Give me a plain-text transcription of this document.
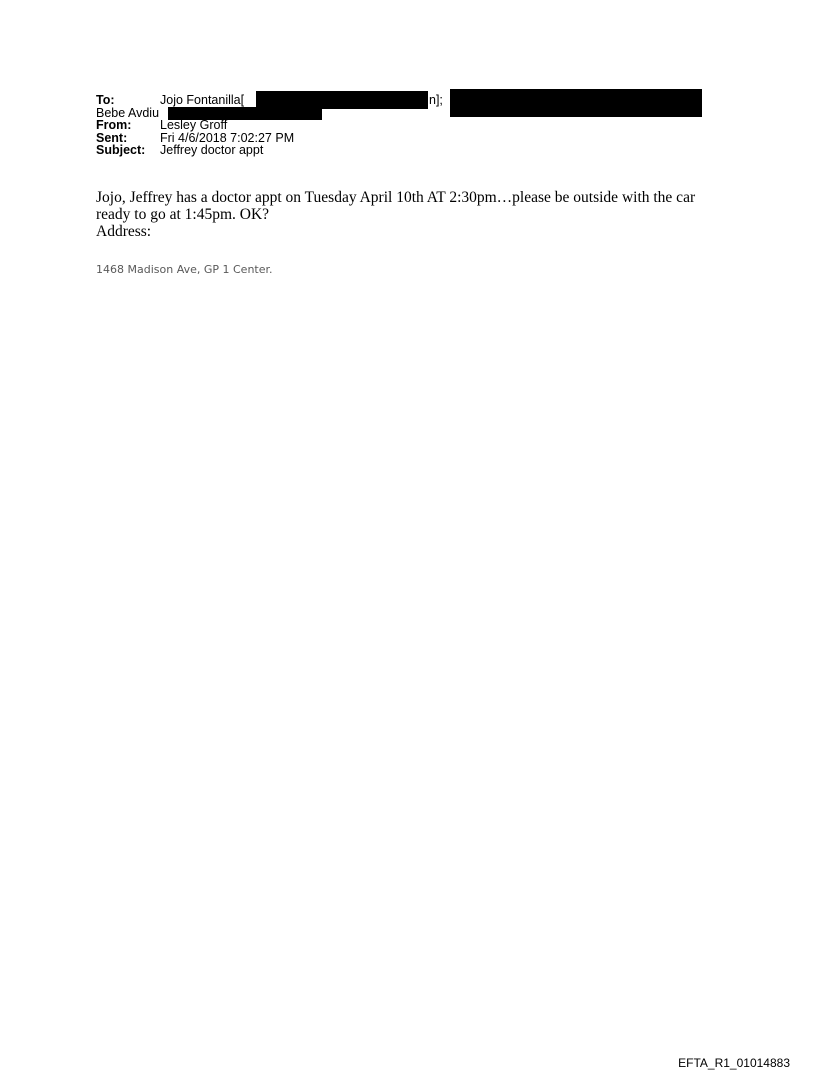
To:	Jojo Fontanilla[	n];
Bebe Avdiu
From: Lesley Groff
Sent:	Fri 4/6/2018 7:02:27 PM
Subject: Jeffrey doctor appt

Jojo, Jeffrey has a doctor appt on Tuesday April 10th AT 2:30pm…please be outside with the car

ready to go at 1:45pm. OK?

Address:

1468 Madison Ave, GP 1 Center.
EFTA_R1_01014883
